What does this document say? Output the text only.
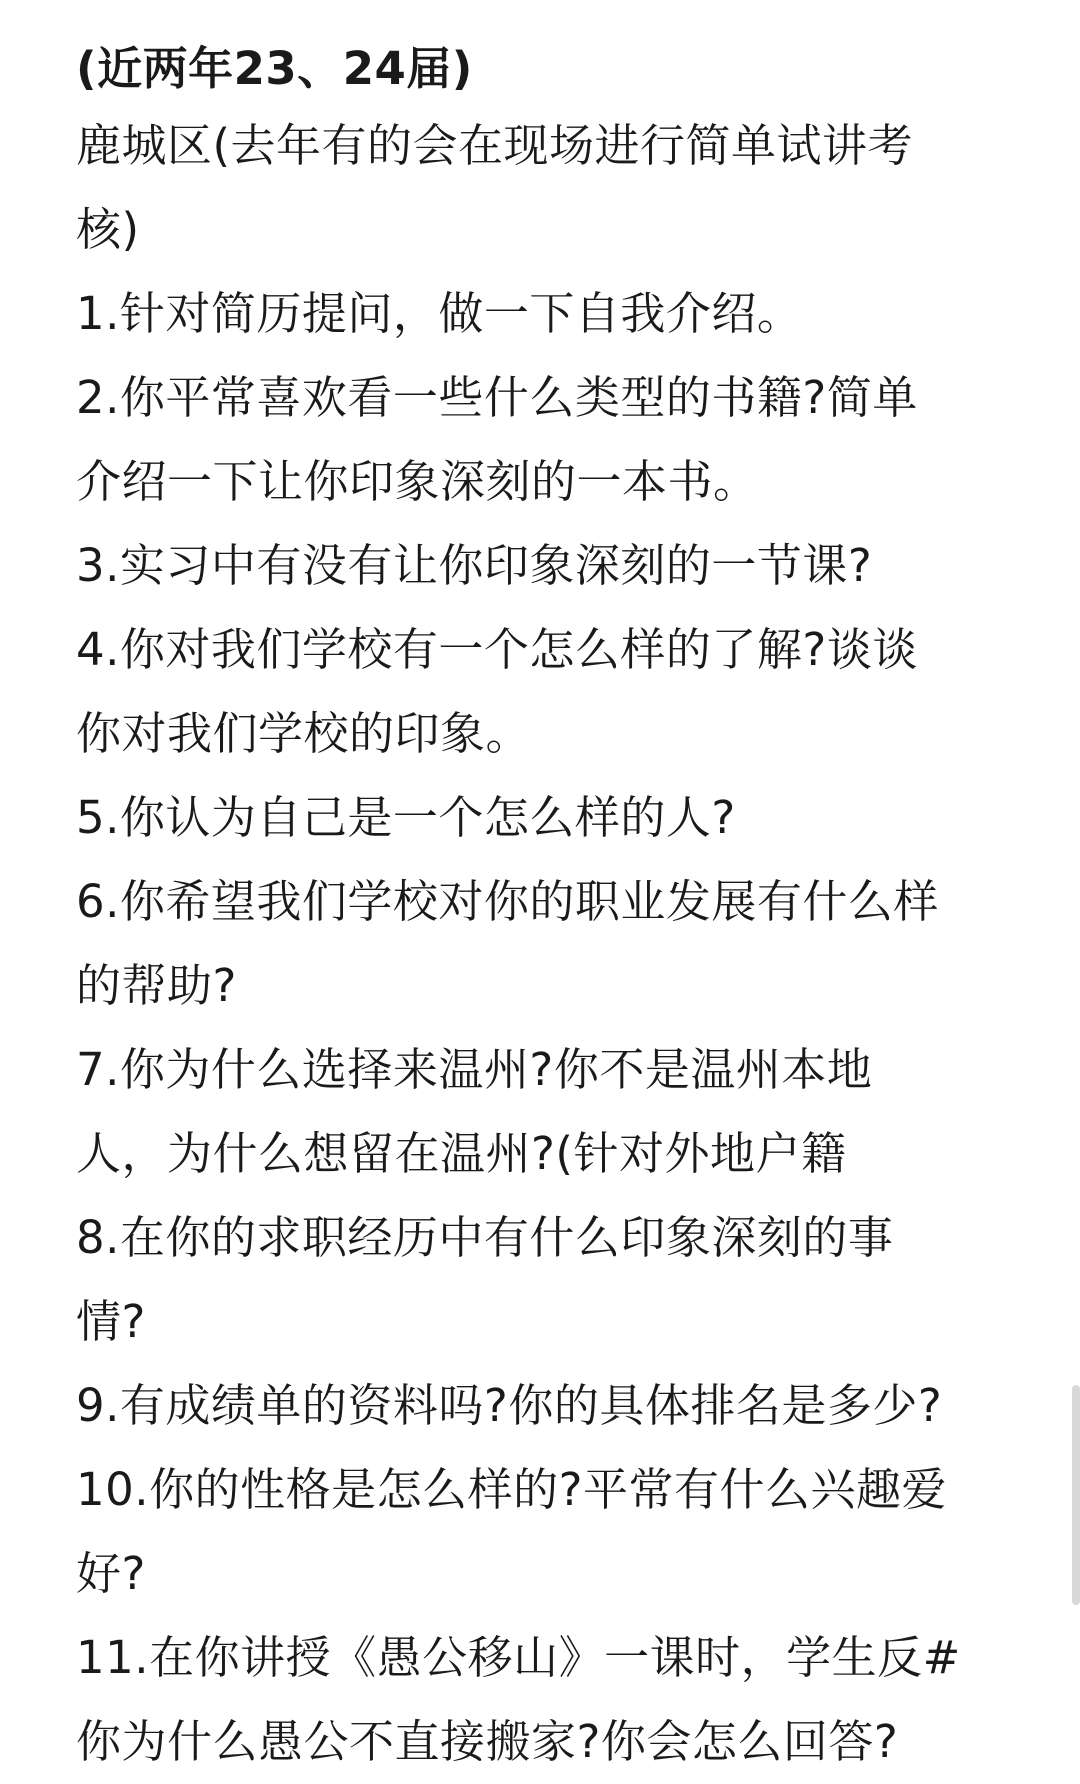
(近两年23、24届)
鹿城区(去年有的会在现场进行简单试讲考
核)
1.针对简历提问，做一下自我介绍。
2.你平常喜欢看一些什么类型的书籍?简单
介绍一下让你印象深刻的一本书。
3.实习中有没有让你印象深刻的一节课?
4.你对我们学校有一个怎么样的了解?谈谈
你对我们学校的印象。
5.你认为自己是一个怎么样的人?
6.你希望我们学校对你的职业发展有什么样
的帮助?
7.你为什么选择来温州?你不是温州本地
人，为什么想留在温州?(针对外地户籍
8.在你的求职经历中有什么印象深刻的事
情?
9.有成绩单的资料吗?你的具体排名是多少?
10.你的性格是怎么样的?平常有什么兴趣爱
好?
11.在你讲授《愚公移山》一课时，学生反#
你为什么愚公不直接搬家?你会怎么回答?
